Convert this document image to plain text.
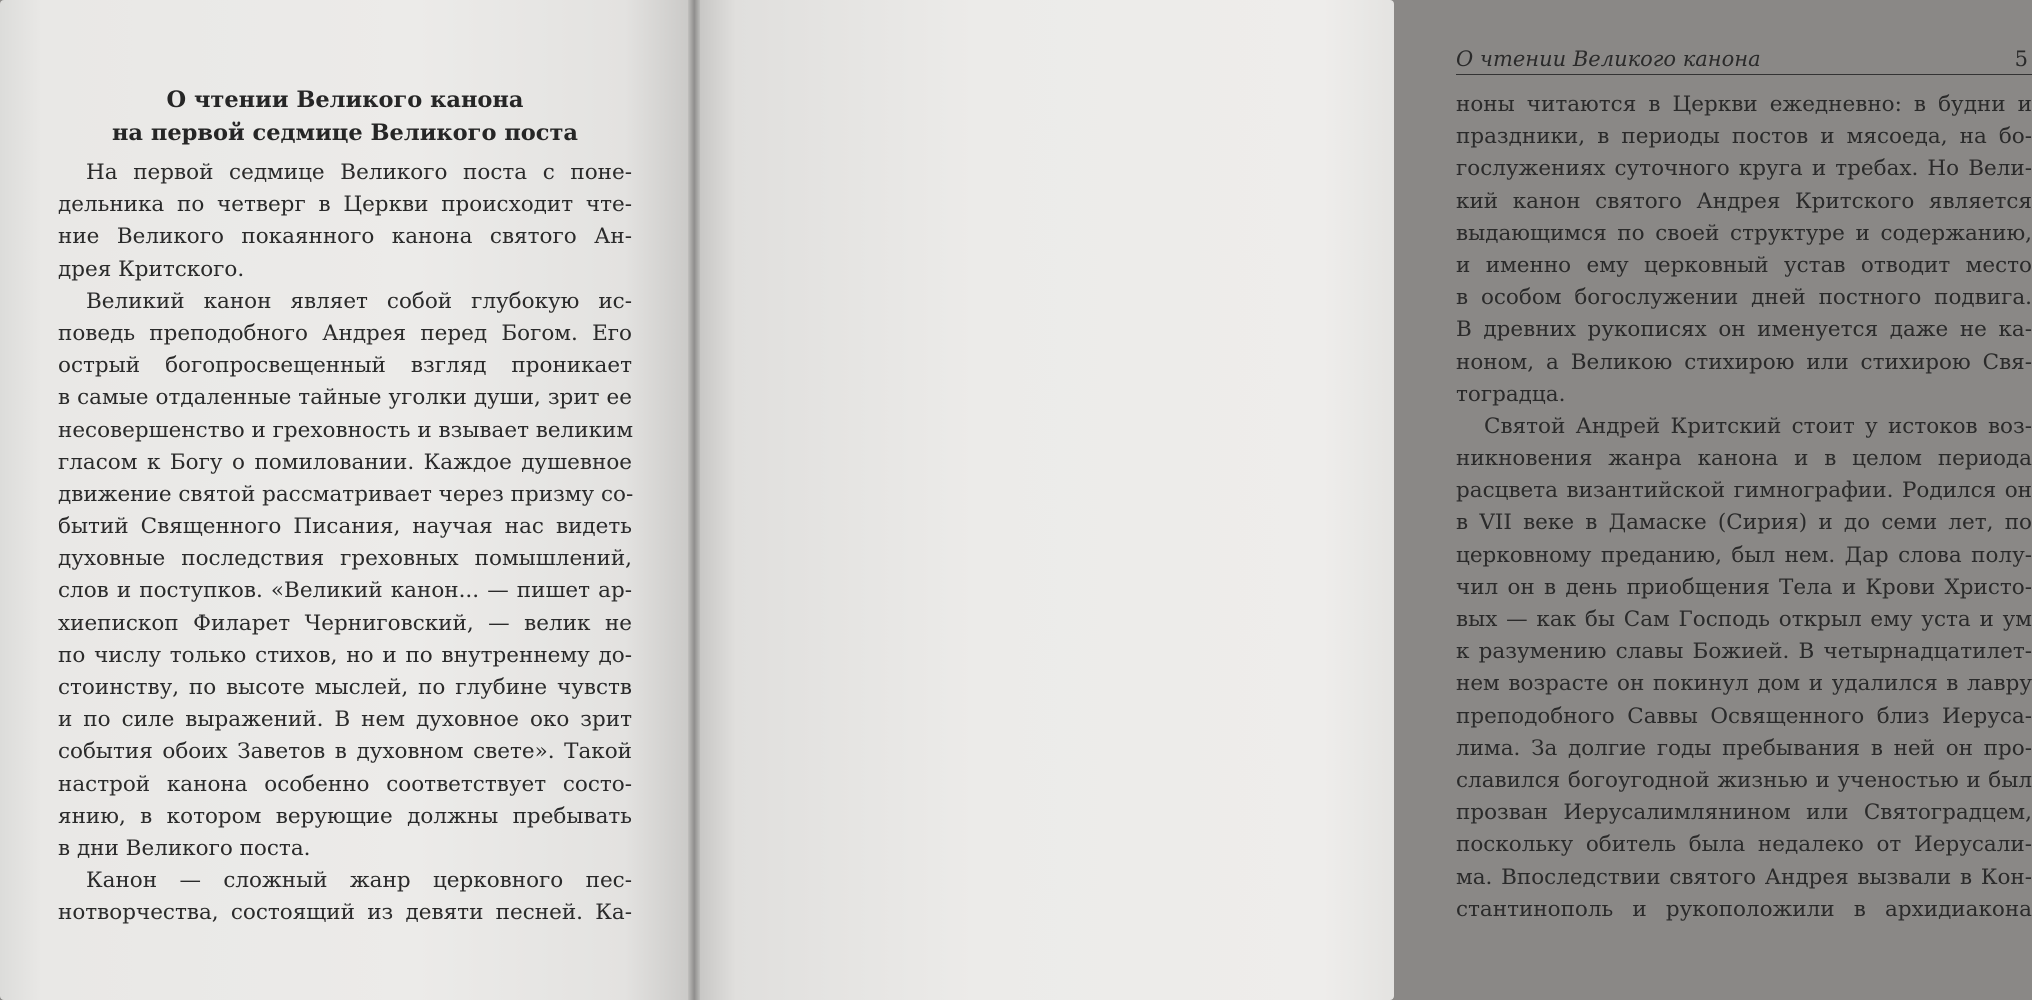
О чтении Великого канона
на первой седмице Великого поста

На первой седмице Великого поста с поне-
дельника по четверг в Церкви происходит чте-
ние Великого покаянного канона святого Ан-
дрея Критского.

Великий канон являет собой глубокую ис-
поведь преподобного Андрея перед Богом. Его
острый богопросвещенный взгляд проникает
в самые отдаленные тайные уголки души, зрит ее
несовершенство и греховность и взывает великим
гласом к Богу о помиловании. Каждое душевное
движение святой рассматривает через призму со-
бытий Священного Писания, научая нас видеть
духовные последствия греховных помышлений,
слов и поступков. «Великий канон... — пишет ар-
хиепископ Филарет Черниговский, — велик не
по числу только стихов, но и по внутреннему до-
стоинству, по высоте мыслей, по глубине чувств
и по силе выражений. В нем духовное око зрит
события обоих Заветов в духовном свете». Такой
настрой канона особенно соответствует состо-
янию, в котором верующие должны пребывать
в дни Великого поста.

Канон — сложный жанр церковного пес-
нотворчества, состоящий из девяти песней. Ка-

О чтении Великого канона	5

ноны читаются в Церкви ежедневно: в будни и
праздники, в периоды постов и мясоеда, на бо-
гослужениях суточного круга и требах. Но Вели-
кий канон святого Андрея Критского является
выдающимся по своей структуре и содержанию,
и именно ему церковный устав отводит место
в особом богослужении дней постного подвига.
В древних рукописях он именуется даже не ка-
ноном, а Великою стихирою или стихирою Свя-
тоградца.

Святой Андрей Критский стоит у истоков воз-
никновения жанра канона и в целом периода
расцвета византийской гимнографии. Родился он
в VII веке в Дамаске (Сирия) и до семи лет, по
церковному преданию, был нем. Дар слова полу-
чил он в день приобщения Тела и Крови Христо-
вых — как бы Сам Господь открыл ему уста и ум
к разумению славы Божией. В четырнадцатилет-
нем возрасте он покинул дом и удалился в лавру
преподобного Саввы Освященного близ Иеруса-
лима. За долгие годы пребывания в ней он про-
славился богоугодной жизнью и ученостью и был
прозван Иерусалимлянином или Святоградцем,
поскольку обитель была недалеко от Иерусали-
ма. Впоследствии святого Андрея вызвали в Кон-
стантинополь и рукоположили в архидиакона
